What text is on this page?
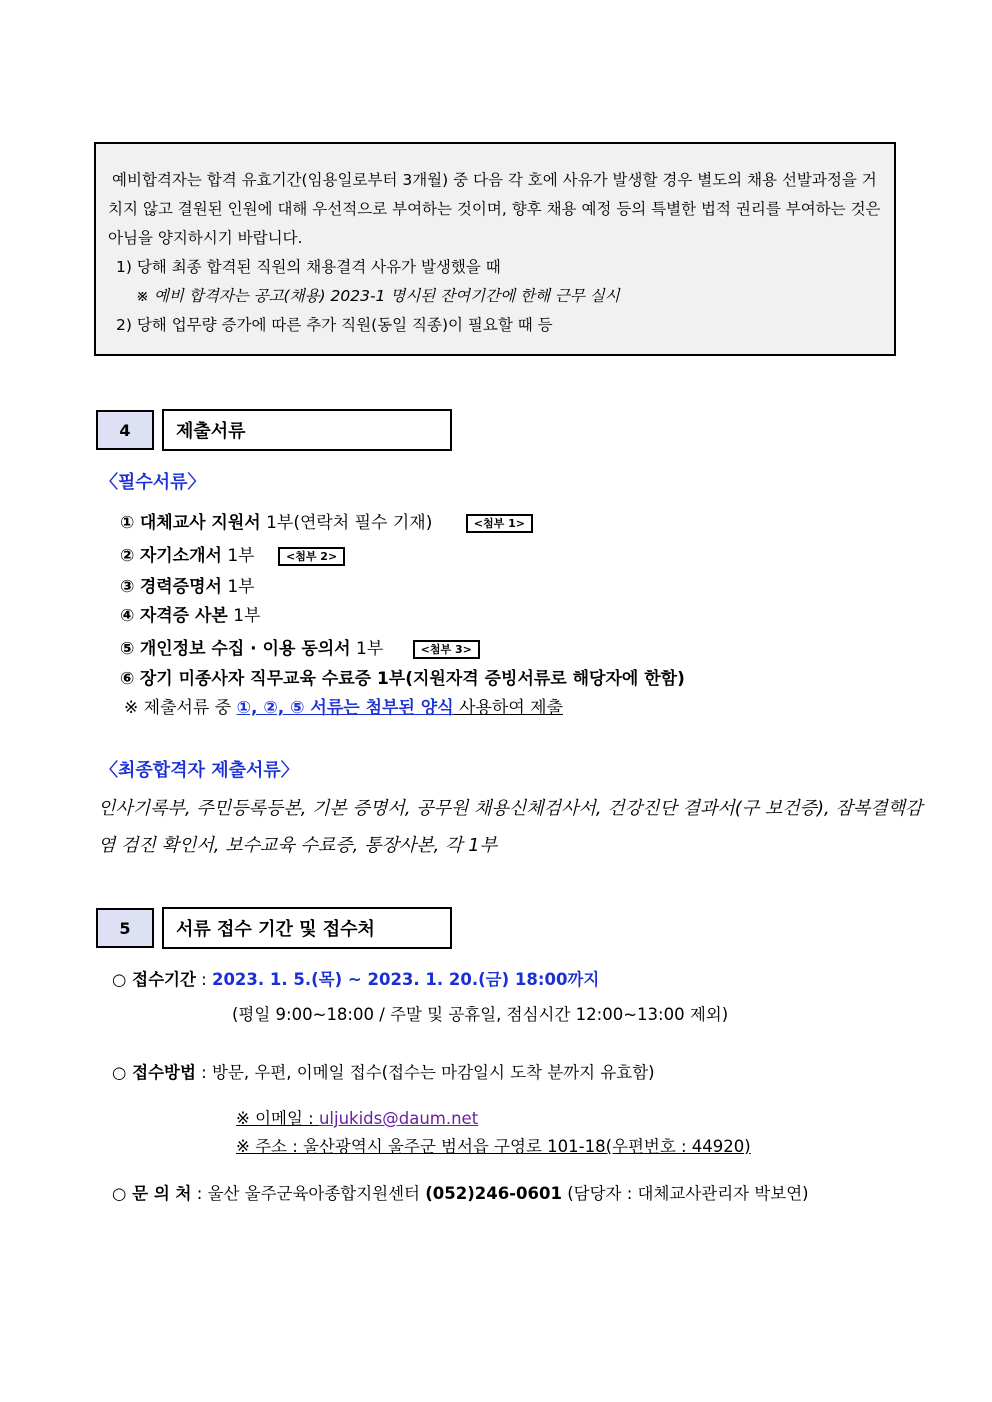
예비합격자는 합격 유효기간(임용일로부터 3개월) 중 다음 각 호에 사유가 발생할 경우 별도의 채용 선발과정을 거치지 않고 결원된 인원에 대해 우선적으로 부여하는 것이며, 향후 채용 예정 등의 특별한 법적 권리를 부여하는 것은 아님을 양지하시기 바랍니다.
1) 당해 최종 합격된 직원의 채용결격 사유가 발생했을 때
※ 예비 합격자는 공고(채용) 2023-1 명시된 잔여기간에 한해 근무 실시
2) 당해 업무량 증가에 따른 추가 직원(동일 직종)이 필요할 때 등
4	제출서류
〈필수서류〉
① 대체교사 지원서 1부(연락처 필수 기재)	<첨부 1>
② 자기소개서 1부	<첨부 2>
③ 경력증명서 1부
④ 자격증 사본 1부
⑤ 개인정보 수집 · 이용 동의서 1부	<첨부 3>
⑥ 장기 미종사자 직무교육 수료증 1부(지원자격 증빙서류로 해당자에 한함)
※ 제출서류 중 ①, ②, ⑤ 서류는 첨부된 양식 사용하여 제출
〈최종합격자 제출서류〉
인사기록부, 주민등록등본, 기본 증명서, 공무원 채용신체검사서, 건강진단 결과서(구 보건증), 잠복결핵감염 검진 확인서, 보수교육 수료증, 통장사본, 각 1부
5	서류 접수 기간 및 접수처
○ 접수기간 : 2023. 1. 5.(목) ~ 2023. 1. 20.(금) 18:00까지
(평일 9:00~18:00 / 주말 및 공휴일, 점심시간 12:00~13:00 제외)
○ 접수방법 : 방문, 우편, 이메일 접수(접수는 마감일시 도착 분까지 유효함)
※ 이메일 : uljukids@daum.net
※ 주소 : 울산광역시 울주군 범서읍 구영로 101-18(우편번호 : 44920)
○ 문 의 처 : 울산 울주군육아종합지원센터 (052)246-0601 (담당자 : 대체교사관리자 박보연)
